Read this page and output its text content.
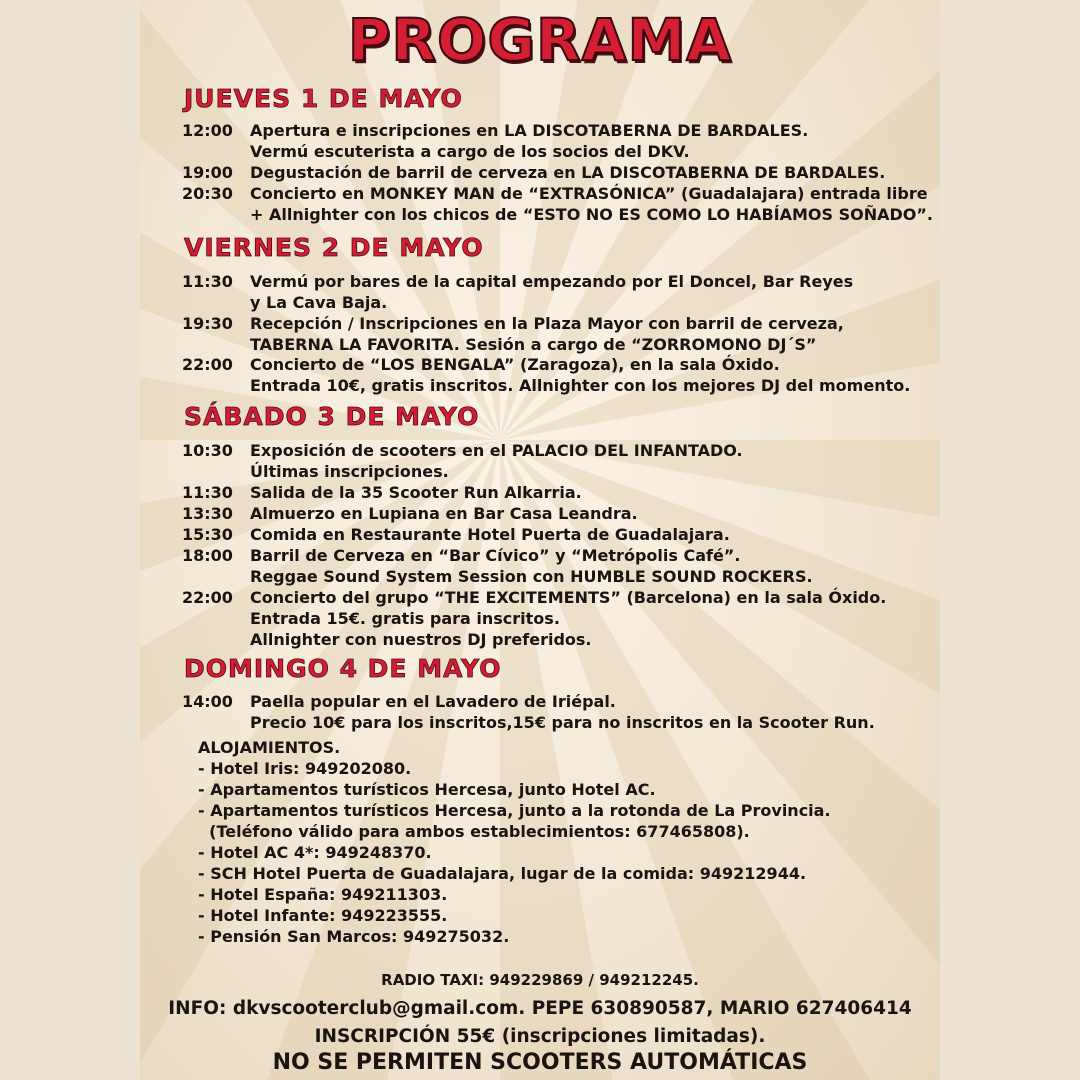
PROGRAMA
JUEVES 1 DE MAYO
12:00	Apertura e inscripciones en LA DISCOTABERNA DE BARDALES.
Vermú escuterista a cargo de los socios del DKV.
19:00	Degustación de barril de cerveza en LA DISCOTABERNA DE BARDALES.
20:30	Concierto en MONKEY MAN de “EXTRASÓNICA” (Guadalajara) entrada libre
+ Allnighter con los chicos de “ESTO NO ES COMO LO HABÍAMOS SOÑADO”.
VIERNES 2 DE MAYO
11:30	Vermú por bares de la capital empezando por El Doncel, Bar Reyes
y La Cava Baja.
19:30	Recepción / Inscripciones en la Plaza Mayor con barril de cerveza,
TABERNA LA FAVORITA. Sesión a cargo de “ZORROMONO DJ´S”
22:00	Concierto de “LOS BENGALA” (Zaragoza), en la sala Óxido.
Entrada 10€, gratis inscritos. Allnighter con los mejores DJ del momento.
SÁBADO 3 DE MAYO
10:30	Exposición de scooters en el PALACIO DEL INFANTADO.
Últimas inscripciones.
11:30	Salida de la 35 Scooter Run Alkarria.
13:30	Almuerzo en Lupiana en Bar Casa Leandra.
15:30	Comida en Restaurante Hotel Puerta de Guadalajara.
18:00	Barril de Cerveza en “Bar Cívico” y “Metrópolis Café”.
Reggae Sound System Session con HUMBLE SOUND ROCKERS.
22:00	Concierto del grupo “THE EXCITEMENTS” (Barcelona) en la sala Óxido.
Entrada 15€. gratis para inscritos.
Allnighter con nuestros DJ preferidos.
DOMINGO 4 DE MAYO
14:00	Paella popular en el Lavadero de Iriépal.
Precio 10€ para los inscritos,15€ para no inscritos en la Scooter Run.
ALOJAMIENTOS.
- Hotel Iris: 949202080.
- Apartamentos turísticos Hercesa, junto Hotel AC.
- Apartamentos turísticos Hercesa, junto a la rotonda de La Provincia.
(Teléfono válido para ambos establecimientos: 677465808).
- Hotel AC 4*: 949248370.
- SCH Hotel Puerta de Guadalajara, lugar de la comida: 949212944.
- Hotel España: 949211303.
- Hotel Infante: 949223555.
- Pensión San Marcos: 949275032.
RADIO TAXI: 949229869 / 949212245.
INFO: dkvscooterclub@gmail.com. PEPE 630890587, MARIO 627406414
INSCRIPCIÓN 55€ (inscripciones limitadas).
NO SE PERMITEN SCOOTERS AUTOMÁTICAS
